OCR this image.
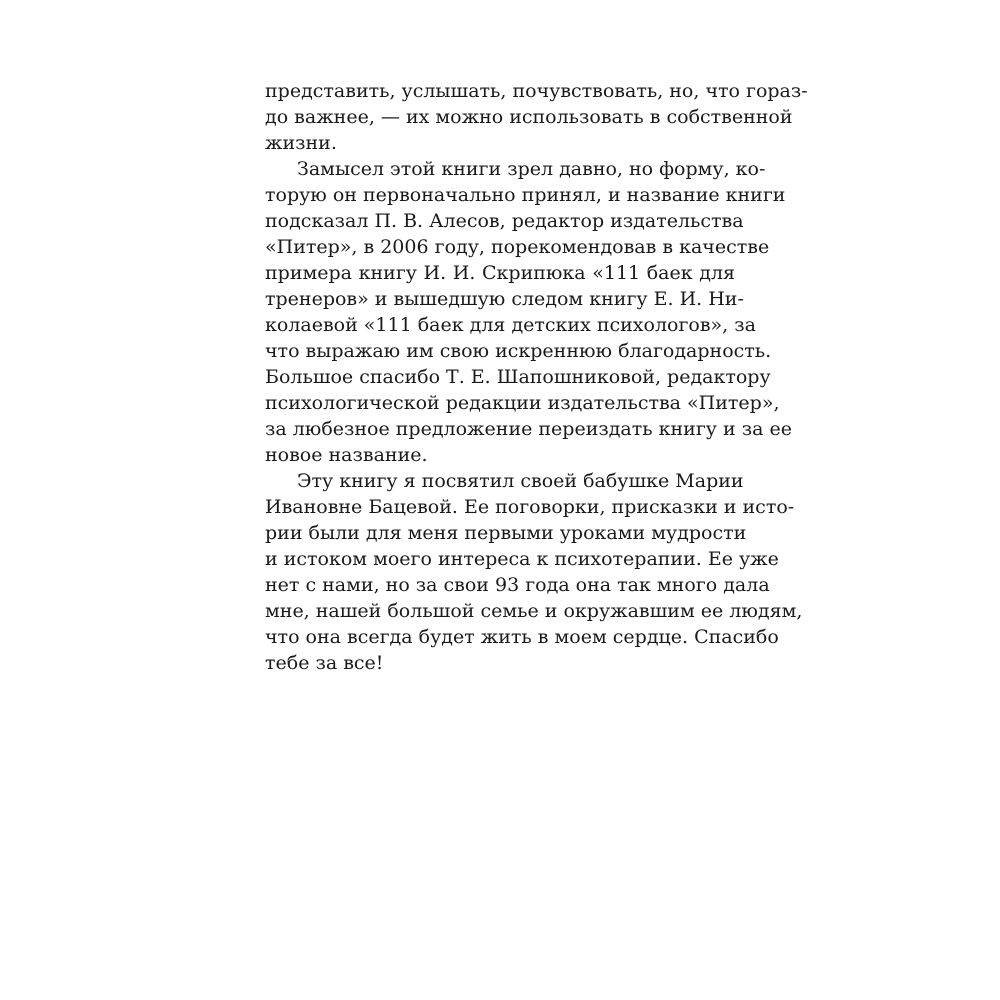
представить, услышать, почувствовать, но, что гораз-
до важнее, — их можно использовать в собственной
жизни.
Замысел этой книги зрел давно, но форму, ко-
торую он первоначально принял, и название книги
подсказал П. В. Алесов, редактор издательства
«Питер», в 2006 году, порекомендовав в качестве
примера книгу И. И. Скрипюка «111 баек для
тренеров» и вышедшую следом книгу Е. И. Ни-
колаевой «111 баек для детских психологов», за
что выражаю им свою искреннюю благодарность.
Большое спасибо Т. Е. Шапошниковой, редактору
психологической редакции издательства «Питер»,
за любезное предложение переиздать книгу и за ее
новое название.
Эту книгу я посвятил своей бабушке Марии
Ивановне Бацевой. Ее поговорки, присказки и исто-
рии были для меня первыми уроками мудрости
и истоком моего интереса к психотерапии. Ее уже
нет с нами, но за свои 93 года она так много дала
мне, нашей большой семье и окружавшим ее людям,
что она всегда будет жить в моем сердце. Спасибо
тебе за все!
